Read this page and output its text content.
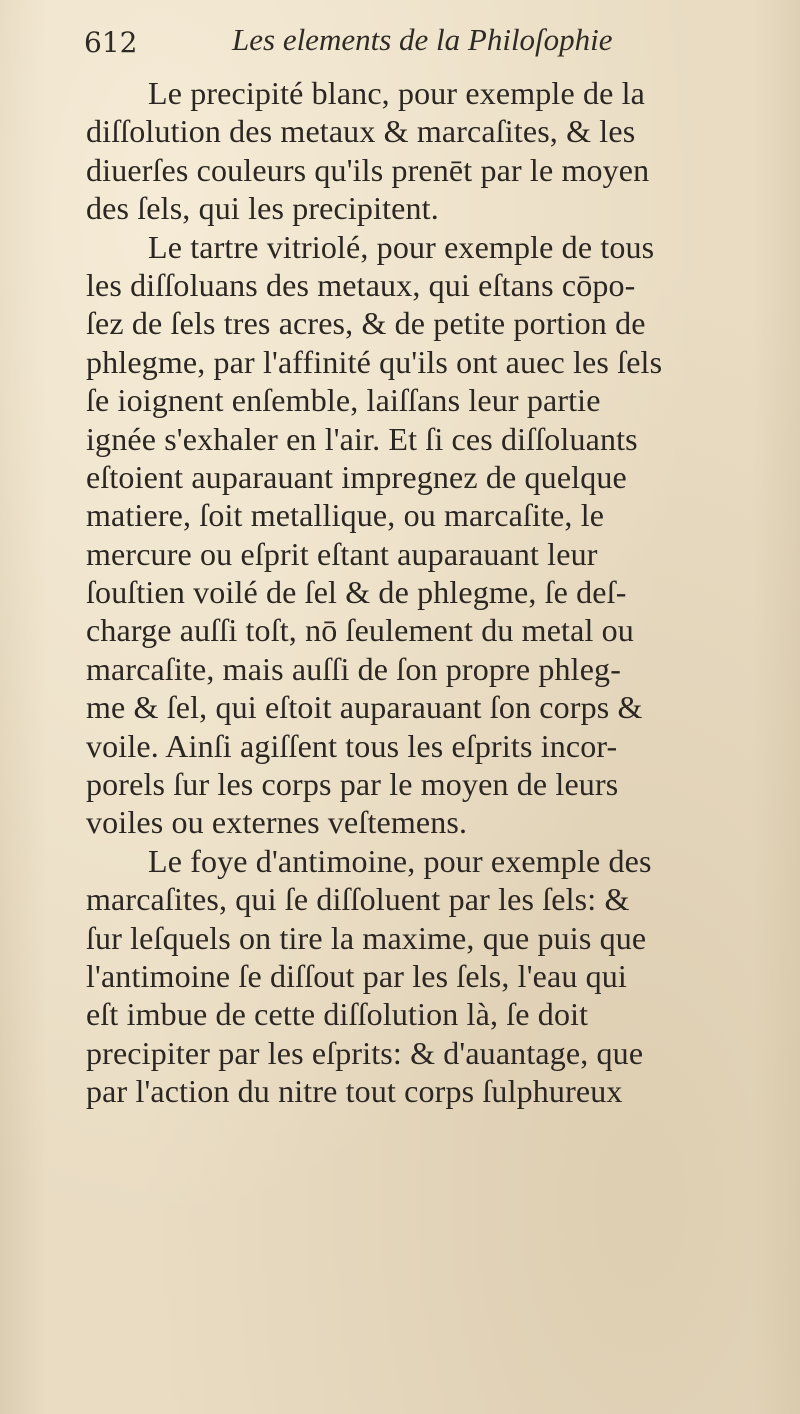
612	Les elements de la Philoſophie
Le precipité blanc, pour exemple de la
diſſolution des metaux & marcaſites, & les
diuerſes couleurs qu'ils prenēt par le moyen
des ſels, qui les precipitent.
Le tartre vitriolé, pour exemple de tous
les diſſoluans des metaux, qui eſtans cōpo-
ſez de ſels tres acres, & de petite portion de
phlegme, par l'affinité qu'ils ont auec les ſels
ſe ioignent enſemble, laiſſans leur partie
ignée s'exhaler en l'air. Et ſi ces diſſoluants
eſtoient auparauant impregnez de quelque
matiere, ſoit metallique, ou marcaſite, le
mercure ou eſprit eſtant auparauant leur
ſouſtien voilé de ſel & de phlegme, ſe deſ-
charge auſſi toſt, nō ſeulement du metal ou
marcaſite, mais auſſi de ſon propre phleg-
me & ſel, qui eſtoit auparauant ſon corps &
voile. Ainſi agiſſent tous les eſprits incor-
porels ſur les corps par le moyen de leurs
voiles ou externes veſtemens.
Le foye d'antimoine, pour exemple des
marcaſites, qui ſe diſſoluent par les ſels: &
ſur leſquels on tire la maxime, que puis que
l'antimoine ſe diſſout par les ſels, l'eau qui
eſt imbue de cette diſſolution là, ſe doit
precipiter par les eſprits: & d'auantage, que
par l'action du nitre tout corps ſulphureux
